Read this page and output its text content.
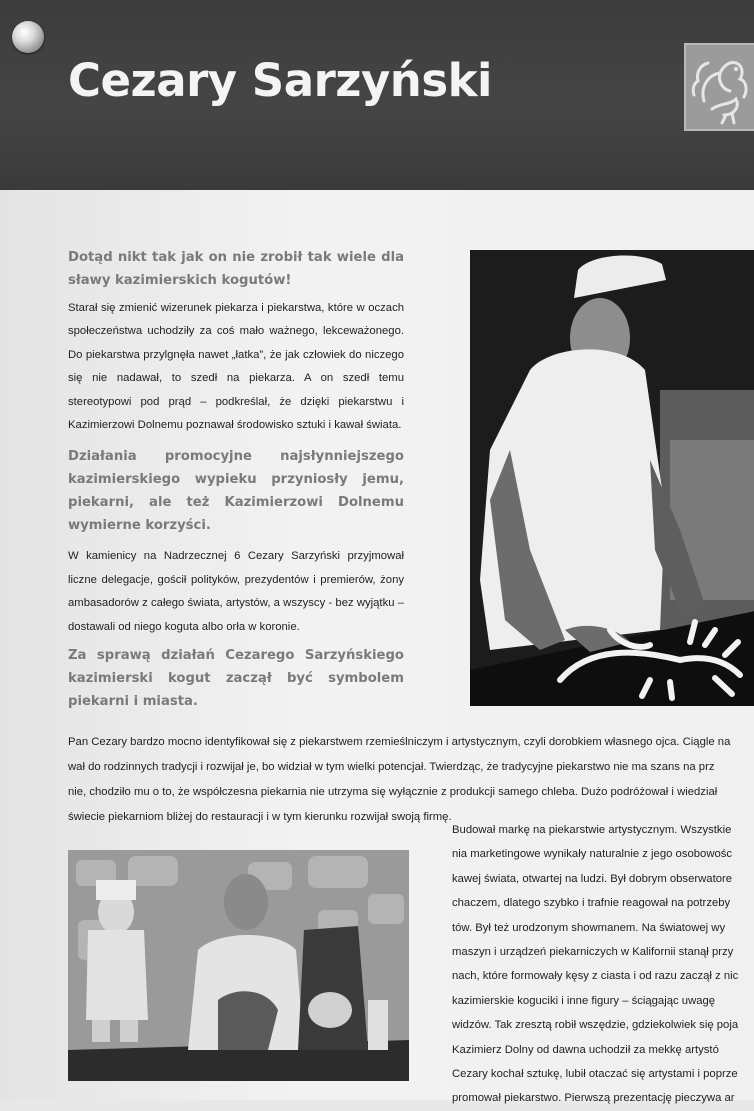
Cezary Sarzyński

Dotąd nikt tak jak on nie zrobił tak wiele dla sławy kazimierskich kogutów!

Starał się zmienić wizerunek piekarza i piekarstwa, które w oczach społeczeństwa uchodziły za coś mało ważnego, lekceważonego. Do piekarstwa przylgnęła nawet „łatka”, że jak człowiek do niczego się nie nadawał, to szedł na piekarza. A on szedł temu stereotypowi pod prąd – podkreślał, że dzięki piekarstwu i Kazimierzowi Dolnemu poznawał środowisko sztuki i kawał świata.

Działania promocyjne najsłynniejszego kazimierskiego wypieku przyniosły jemu, piekarni, ale też Kazimierzowi Dolnemu wymierne korzyści.

W kamienicy na Nadrzecznej 6 Cezary Sarzyński przyjmował liczne delegacje, gościł polityków, prezydentów i premierów, żony ambasadorów z całego świata, artystów, a wszyscy - bez wyjątku – dostawali od niego koguta albo orła w koronie.

Za sprawą działań Cezarego Sarzyńskiego kazimierski kogut zaczął być symbolem piekarni i miasta.

Pan Cezary bardzo mocno identyfikował się z piekarstwem rzemieślniczym i artystycznym, czyli dorobkiem własnego ojca. Ciągle na
wał do rodzinnych tradycji i rozwijał je, bo widział w tym wielki potencjał. Twierdząc, że tradycyjne piekarstwo nie ma szans na prz
nie, chodziło mu o to, że współczesna piekarnia nie utrzyma się wyłącznie z produkcji samego chleba. Dużo podróżował i wiedział
świecie piekarniom bliżej do restauracji i w tym kierunku rozwijał swoją firmę.
Budował markę na piekarstwie artystycznym. Wszystkie
nia marketingowe wynikały naturalnie z jego osobowośc
kawej świata, otwartej na ludzi. Był dobrym obserwatore
chaczem, dlatego szybko i trafnie reagował na potrzeby
tów. Był też urodzonym showmanem. Na światowej wy
maszyn i urządzeń piekarniczych w Kalifornii stanął przy
nach, które formowały kęsy z ciasta i od razu zaczął z nic
kazimierskie koguciki i inne figury – ściągając uwagę
widzów. Tak zresztą robił wszędzie, gdziekolwiek się poja
Kazimierz Dolny od dawna uchodził za mekkę artystó
Cezary kochał sztukę, lubił otaczać się artystami i poprze
promował piekarstwo. Pierwszą prezentację pieczywa ar
